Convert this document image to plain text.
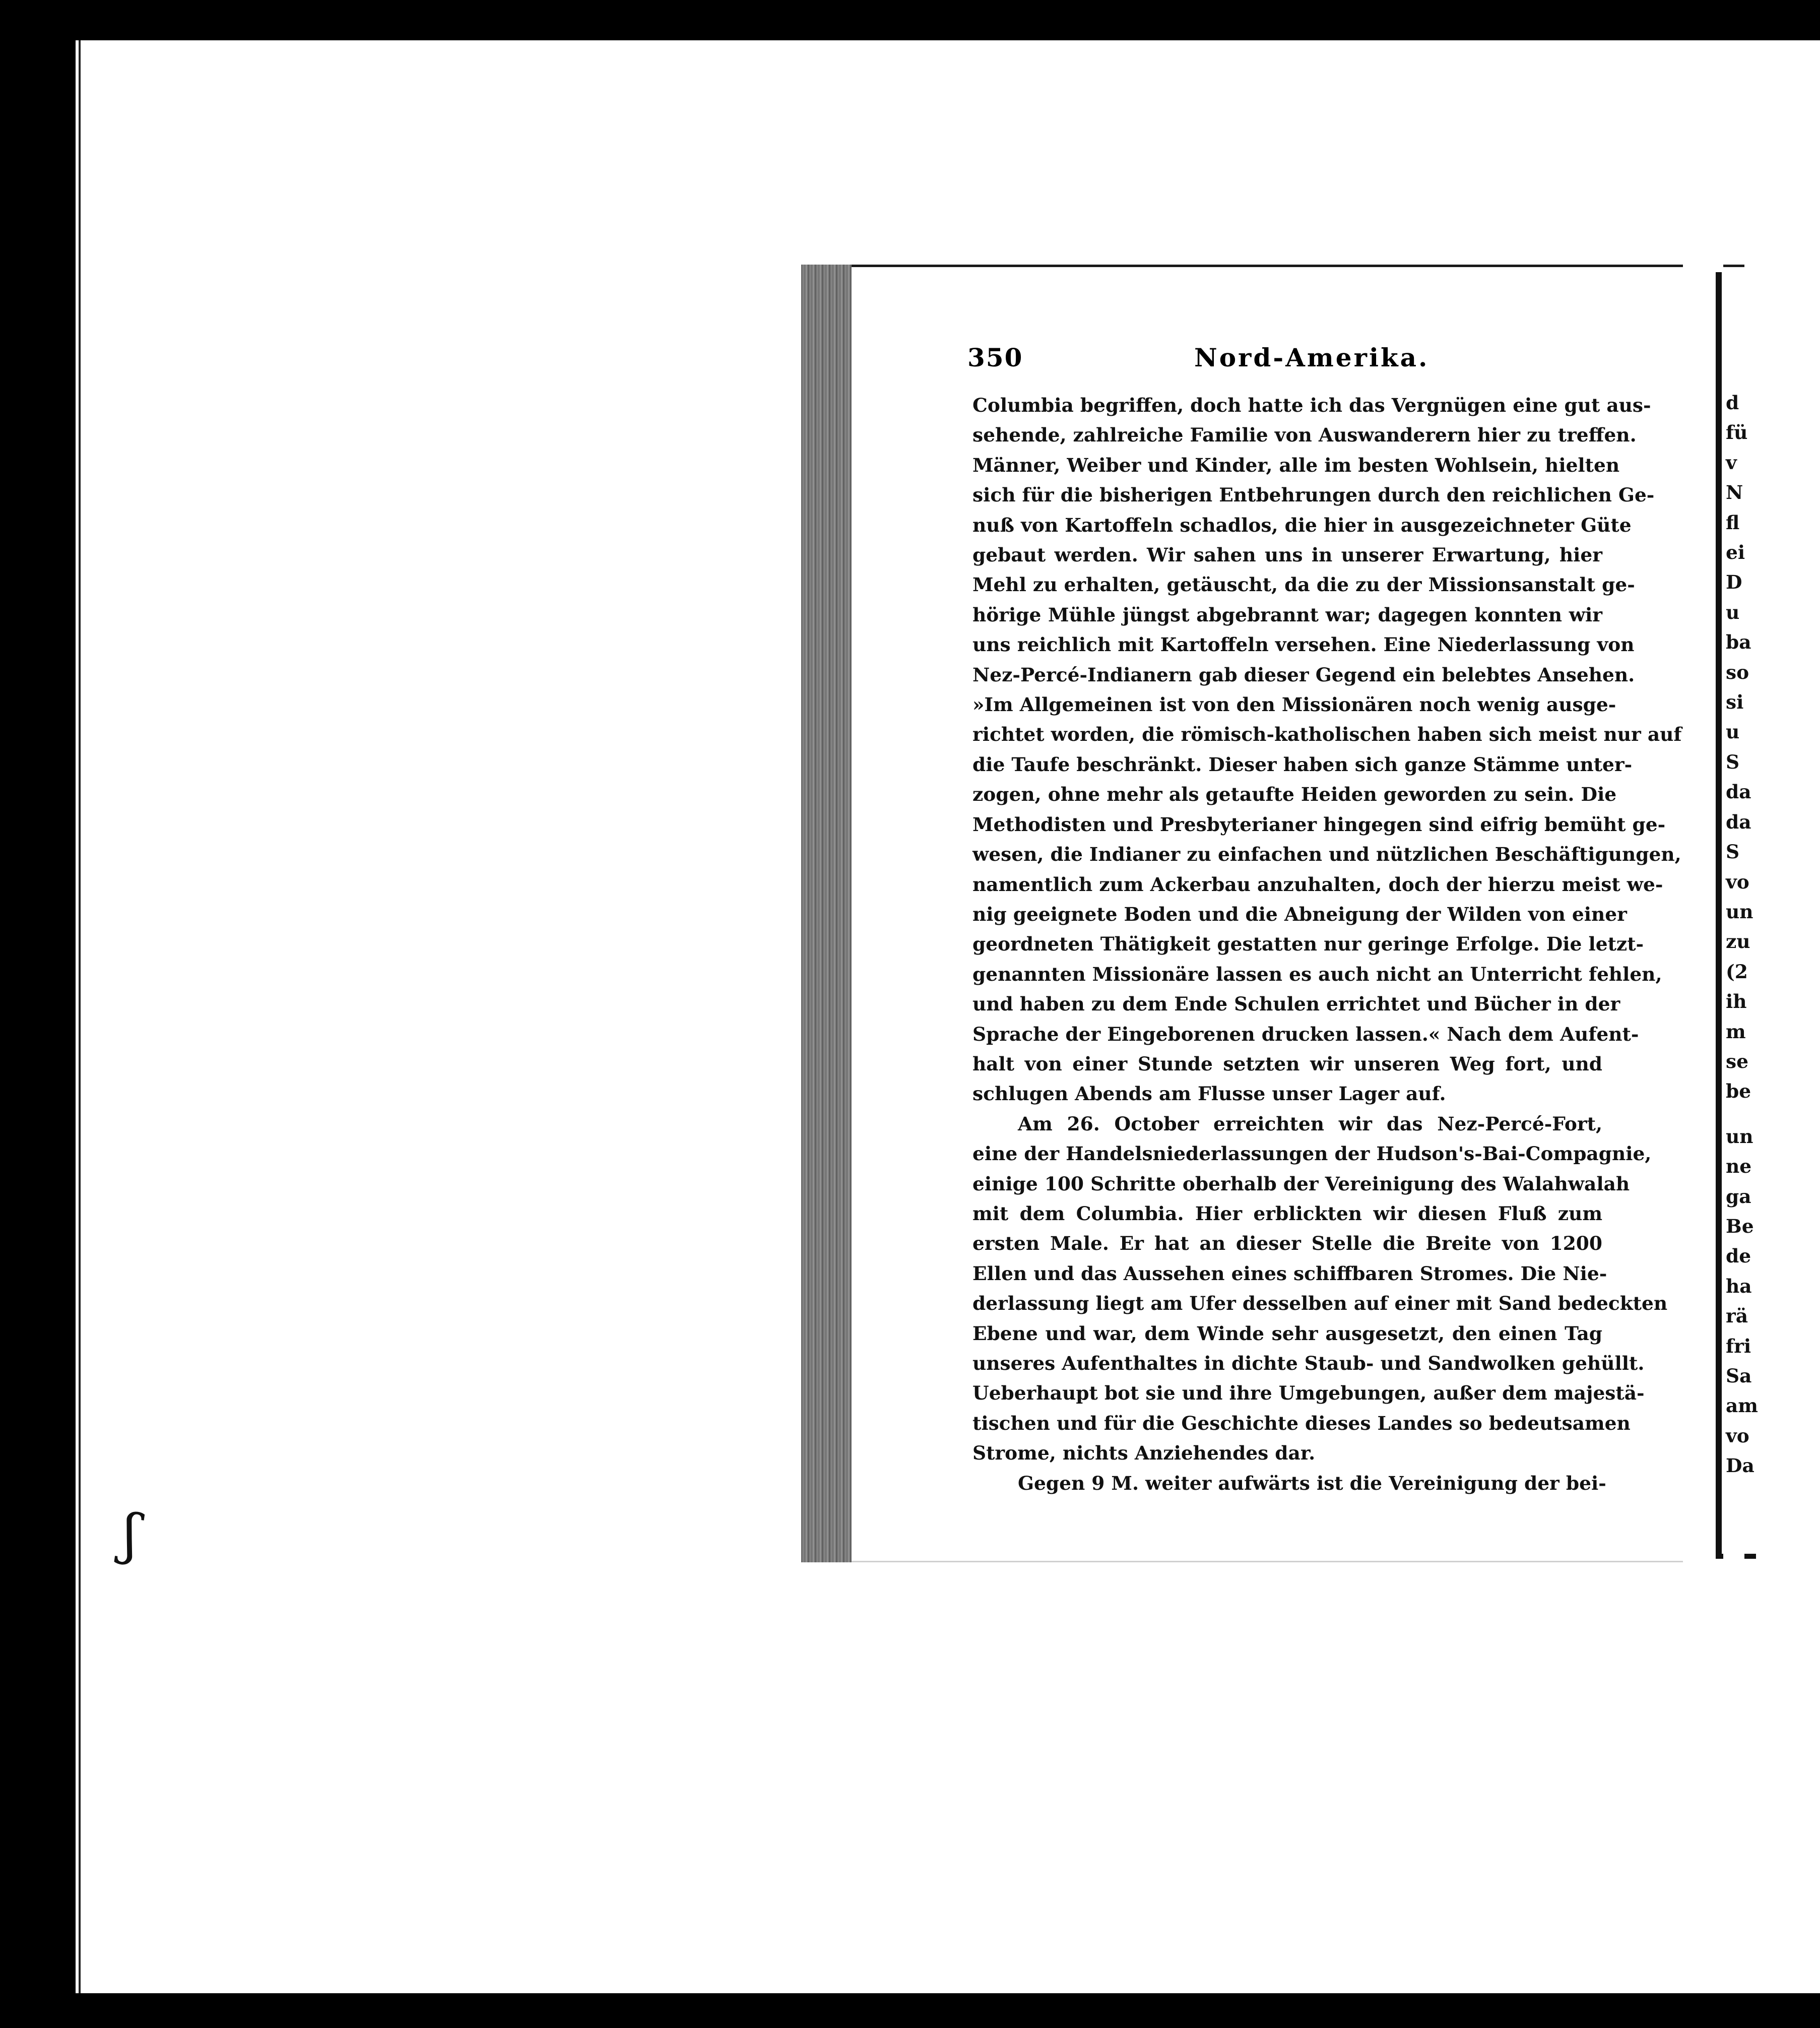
ʃ
350	Nord-Amerika.
Columbia begriffen, doch hatte ich das Vergnügen eine gut aus-
sehende, zahlreiche Familie von Auswanderern hier zu treffen.
Männer, Weiber und Kinder, alle im besten Wohlsein, hielten
sich für die bisherigen Entbehrungen durch den reichlichen Ge-
nuß von Kartoffeln schadlos, die hier in ausgezeichneter Güte
gebaut werden. Wir sahen uns in unserer Erwartung, hier
Mehl zu erhalten, getäuscht, da die zu der Missionsanstalt ge-
hörige Mühle jüngst abgebrannt war; dagegen konnten wir
uns reichlich mit Kartoffeln versehen. Eine Niederlassung von
Nez-Percé-Indianern gab dieser Gegend ein belebtes Ansehen.
»Im Allgemeinen ist von den Missionären noch wenig ausge-
richtet worden, die römisch-katholischen haben sich meist nur auf
die Taufe beschränkt. Dieser haben sich ganze Stämme unter-
zogen, ohne mehr als getaufte Heiden geworden zu sein. Die
Methodisten und Presbyterianer hingegen sind eifrig bemüht ge-
wesen, die Indianer zu einfachen und nützlichen Beschäftigungen,
namentlich zum Ackerbau anzuhalten, doch der hierzu meist we-
nig geeignete Boden und die Abneigung der Wilden von einer
geordneten Thätigkeit gestatten nur geringe Erfolge. Die letzt-
genannten Missionäre lassen es auch nicht an Unterricht fehlen,
und haben zu dem Ende Schulen errichtet und Bücher in der
Sprache der Eingeborenen drucken lassen.« Nach dem Aufent-
halt von einer Stunde setzten wir unseren Weg fort, und
schlugen Abends am Flusse unser Lager auf.
Am 26. October erreichten wir das Nez-Percé-Fort,
eine der Handelsniederlassungen der Hudson's-Bai-Compagnie,
einige 100 Schritte oberhalb der Vereinigung des Walahwalah
mit dem Columbia. Hier erblickten wir diesen Fluß zum
ersten Male. Er hat an dieser Stelle die Breite von 1200
Ellen und das Aussehen eines schiffbaren Stromes. Die Nie-
derlassung liegt am Ufer desselben auf einer mit Sand bedeckten
Ebene und war, dem Winde sehr ausgesetzt, den einen Tag
unseres Aufenthaltes in dichte Staub- und Sandwolken gehüllt.
Ueberhaupt bot sie und ihre Umgebungen, außer dem majestä-
tischen und für die Geschichte dieses Landes so bedeutsamen
Strome, nichts Anziehendes dar.
Gegen 9 M. weiter aufwärts ist die Vereinigung der bei-
d
fü
v
N
fl
ei
D
u
ba
so
si
u
S
da
da
S
vo
un
zu
(2
ih
m
se
be
un
ne
ga
Be
de
ha
rä
fri
Sa
am
vo
Da
